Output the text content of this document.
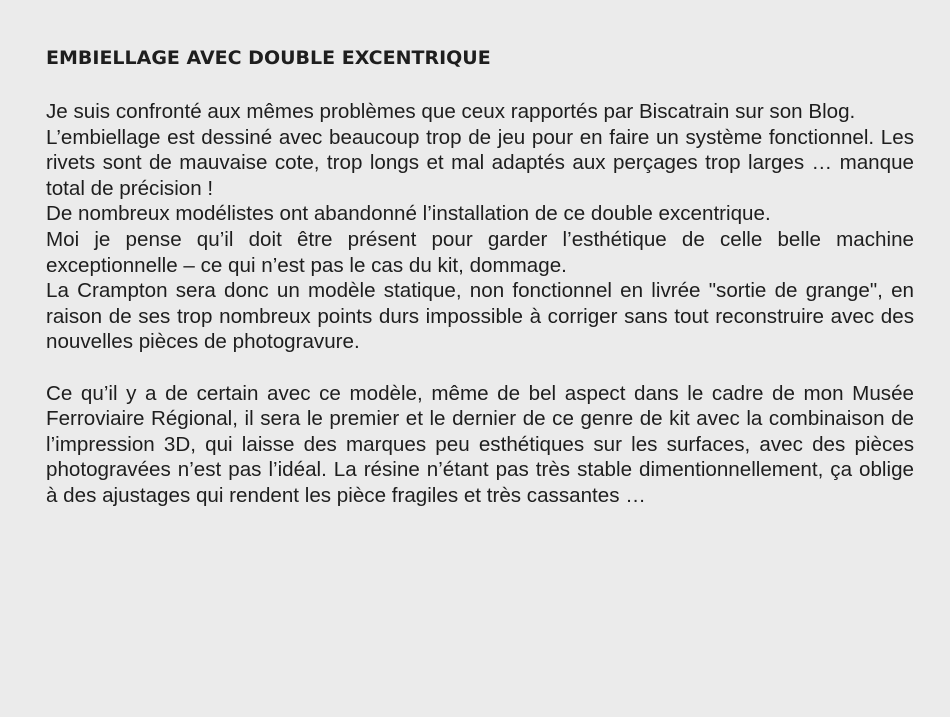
EMBIELLAGE AVEC DOUBLE EXCENTRIQUE

Je suis confronté aux mêmes problèmes que ceux rapportés par Biscatrain sur son Blog.

L’embiellage est dessiné avec beaucoup trop de jeu pour en faire un système fonctionnel. Les rivets sont de mauvaise cote, trop longs et mal adaptés aux perçages trop larges … manque total de précision !

De nombreux modélistes ont abandonné l’installation de ce double excentrique.

Moi je pense qu’il doit être présent pour garder l’esthétique de celle belle machine exceptionnelle – ce qui n’est pas le cas du kit, dommage.

La Crampton sera donc un modèle statique, non fonctionnel en livrée "sortie de grange", en raison de ses trop nombreux points durs impossible à corriger sans tout reconstruire avec des nouvelles pièces de photogravure.

Ce qu’il y a de certain avec ce modèle, même de bel aspect dans le cadre de mon Musée Ferroviaire Régional, il sera le premier et le dernier de ce genre de kit avec la combinaison de l’impression 3D, qui laisse des marques peu esthétiques sur les surfaces, avec des pièces photogravées n’est pas l’idéal. La résine n’étant pas très stable dimentionnellement, ça oblige à des ajustages qui rendent les pièce fragiles et très cassantes …
